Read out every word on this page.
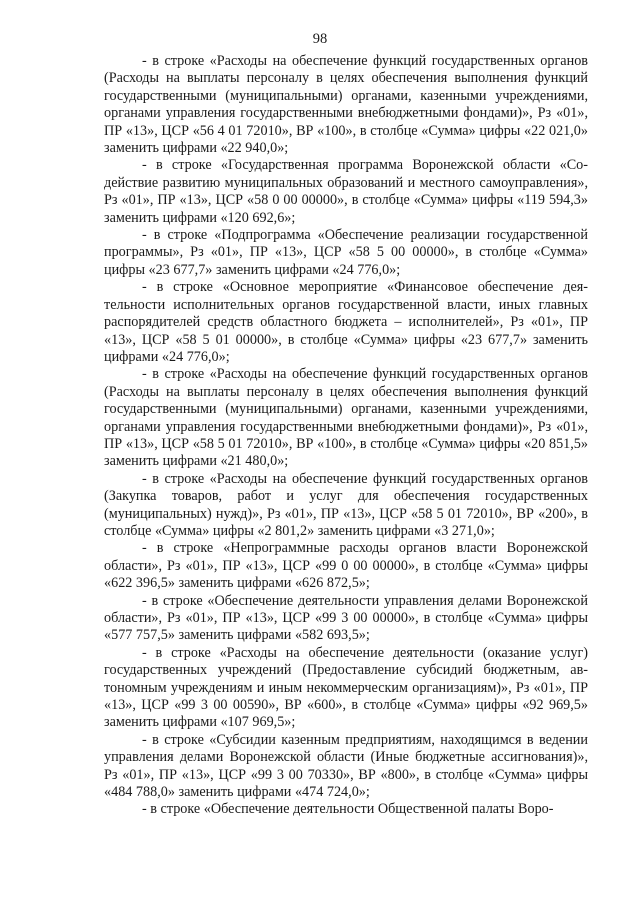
98

- в строке «Расходы на обеспечение функций государственных органов (Расходы на выплаты персоналу в целях обеспечения выполнения функций государственными (муниципальными) органами, казенными учреждениями, органами управления государственными внебюджетными фондами)», Рз «01», ПР «13», ЦСР «56 4 01 72010», ВР «100», в столбце «Сумма» цифры «22 021,0» заменить цифрами «22 940,0»;

- в строке «Государственная программа Воронежской области «Содействие развитию муниципальных образований и местного самоуправления», Рз «01», ПР «13», ЦСР «58 0 00 00000», в столбце «Сумма» цифры «119 594,3» заменить цифрами «120 692,6»;

- в строке «Подпрограмма «Обеспечение реализации государственной программы», Рз «01», ПР «13», ЦСР «58 5 00 00000», в столбце «Сумма» цифры «23 677,7» заменить цифрами «24 776,0»;

- в строке «Основное мероприятие «Финансовое обеспечение деятельности исполнительных органов государственной власти, иных главных распорядителей средств областного бюджета – исполнителей», Рз «01», ПР «13», ЦСР «58 5 01 00000», в столбце «Сумма» цифры «23 677,7» заменить цифрами «24 776,0»;

- в строке «Расходы на обеспечение функций государственных органов (Расходы на выплаты персоналу в целях обеспечения выполнения функций государственными (муниципальными) органами, казенными учреждениями, органами управления государственными внебюджетными фондами)», Рз «01», ПР «13», ЦСР «58 5 01 72010», ВР «100», в столбце «Сумма» цифры «20 851,5» заменить цифрами «21 480,0»;

- в строке «Расходы на обеспечение функций государственных органов (Закупка товаров, работ и услуг для обеспечения государственных (муниципальных) нужд)», Рз «01», ПР «13», ЦСР «58 5 01 72010», ВР «200», в столбце «Сумма» цифры «2 801,2» заменить цифрами «3 271,0»;

- в строке «Непрограммные расходы органов власти Воронежской области», Рз «01», ПР «13», ЦСР «99 0 00 00000», в столбце «Сумма» цифры «622 396,5» заменить цифрами «626 872,5»;

- в строке «Обеспечение деятельности управления делами Воронежской области», Рз «01», ПР «13», ЦСР «99 3 00 00000», в столбце «Сумма» цифры «577 757,5» заменить цифрами «582 693,5»;

- в строке «Расходы на обеспечение деятельности (оказание услуг) государственных учреждений (Предоставление субсидий бюджетным, автономным учреждениям и иным некоммерческим организациям)», Рз «01», ПР «13», ЦСР «99 3 00 00590», ВР «600», в столбце «Сумма» цифры «92 969,5» заменить цифрами «107 969,5»;

- в строке «Субсидии казенным предприятиям, находящимся в ведении управления делами Воронежской области (Иные бюджетные ассигнования)», Рз «01», ПР «13», ЦСР «99 3 00 70330», ВР «800», в столбце «Сумма» цифры «484 788,0» заменить цифрами «474 724,0»;

- в строке «Обеспечение деятельности Общественной палаты Воро-
